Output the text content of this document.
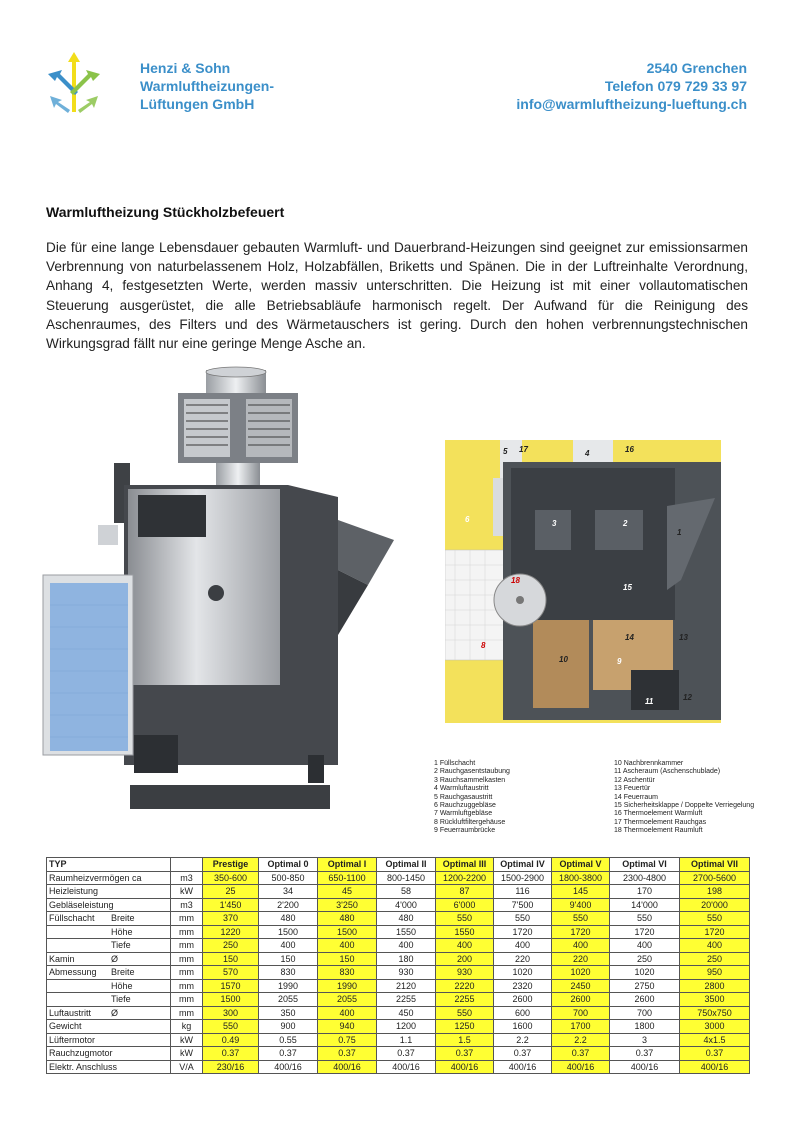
Henzi & Sohn
Warmluftheizungen-
Lüftungen GmbH
2540 Grenchen
Telefon 079 729 33 97
info@warmluftheizung-lueftung.ch
Warmluftheizung Stückholzbefeuert
Die für eine lange Lebensdauer gebauten Warmluft- und Dauerbrand-Heizungen sind geeignet zur emissionsarmen Verbrennung von naturbelassenem Holz, Holzabfällen, Briketts und Spänen. Die in der Luftreinhalte Verordnung, Anhang 4, festgesetzten Werte, werden massiv unterschritten. Die Heizung ist mit einer vollautomatischen Steuerung ausgerüstet, die alle Betriebsabläufe harmonisch regelt. Der Aufwand für die Reinigung des Aschenraumes, des Filters und des Wärmetauschers ist gering. Durch den hohen verbrennungstechnischen Wirkungsgrad fällt nur eine geringe Menge Asche an.
1
2
3
4
5
6
8
9
10
11	12
13
14
15
16
17
18
1 Füllschacht
2 Rauchgasentstaubung
3 Rauchsammelkasten
4 Warmluftaustritt
5 Rauchgasaustritt
6 Rauchzuggebläse
7 Warmluftgebläse
8 Rückluftfiltergehäuse
9 Feuerraumbrücke
10 Nachbrennkammer
11 Ascheraum (Aschenschublade)
12 Aschentür
13 Feuertür
14 Feuerraum
15 Sicherheitsklappe / Doppelte Verriegelung
16 Thermoelement Warmluft
17 Thermoelement Rauchgas
18 Thermoelement Raumluft
TYP		Prestige	Optimal 0	Optimal I	Optimal II	Optimal III	Optimal IV	Optimal V	Optimal VI	Optimal VII
Raumheizvermögen ca	m3	350-600	500-850	650-1100	800-1450	1200-2200	1500-2900	1800-3800	2300-4800	2700-5600
Heizleistung	kW	25	34	45	58	87	116	145	170	198
Gebläseleistung	m3	1'450	2'200	3'250	4'000	6'000	7'500	9'400	14'000	20'000
Füllschacht Breite	mm	370	480	480	480	550	550	550	550	550
Höhe	mm	1220	1500	1500	1550	1550	1720	1720	1720	1720
Tiefe	mm	250	400	400	400	400	400	400	400	400
Kamin Ø	mm	150	150	150	180	200	220	220	250	250
Abmessung Breite	mm	570	830	830	930	930	1020	1020	1020	950
Höhe	mm	1570	1990	1990	2120	2220	2320	2450	2750	2800
Tiefe	mm	1500	2055	2055	2255	2255	2600	2600	2600	3500
Luftaustritt Ø	mm	300	350	400	450	550	600	700	700	750x750
Gewicht	kg	550	900	940	1200	1250	1600	1700	1800	3000
Lüftermotor	kW	0.49	0.55	0.75	1.1	1.5	2.2	2.2	3	4x1.5
Rauchzugmotor	kW	0.37	0.37	0.37	0.37	0.37	0.37	0.37	0.37	0.37
Elektr. Anschluss	V/A	230/16	400/16	400/16	400/16	400/16	400/16	400/16	400/16	400/16
